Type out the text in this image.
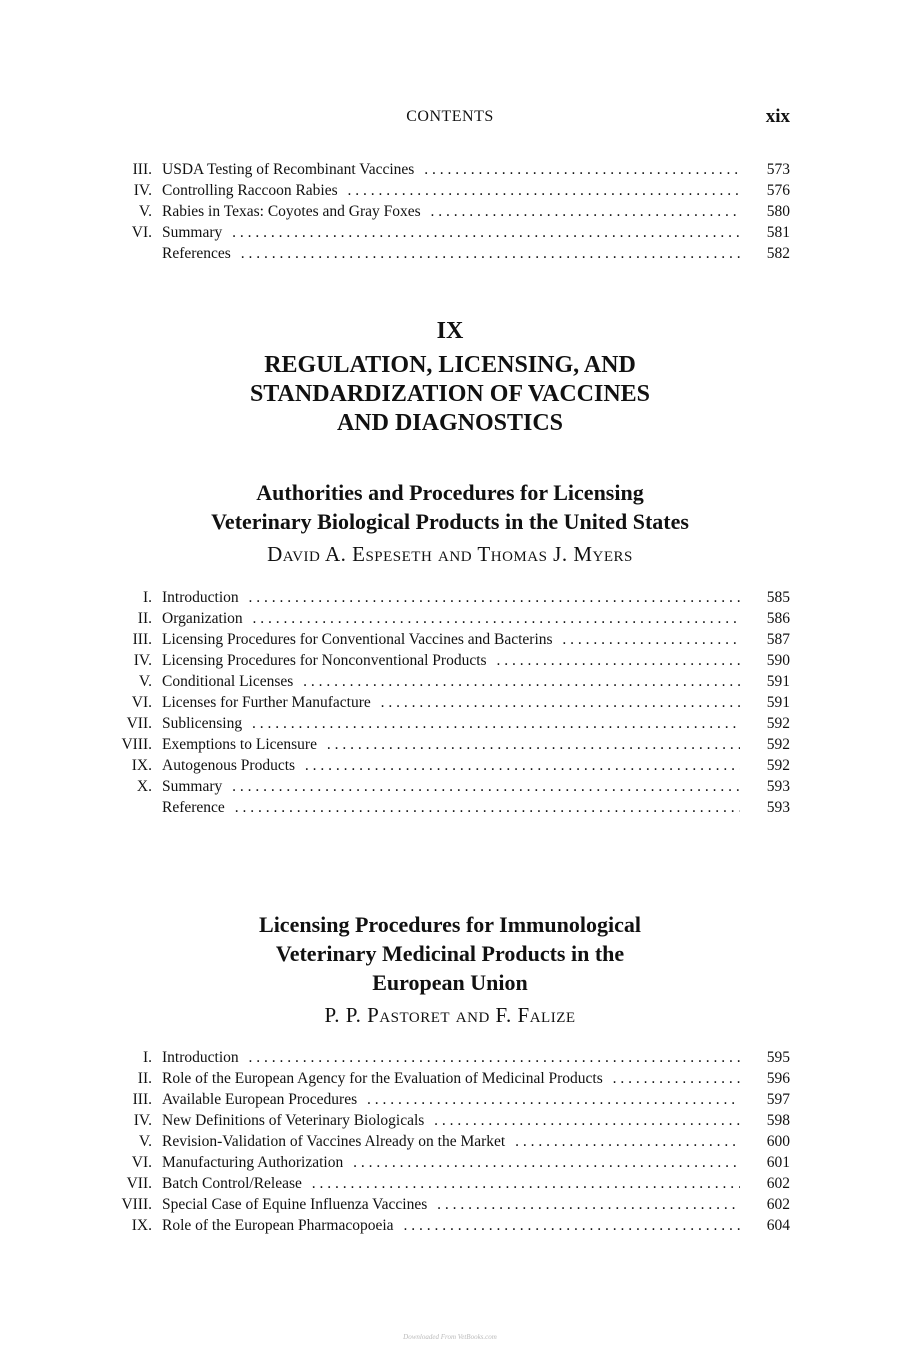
CONTENTS	xix
III. USDA Testing of Recombinant Vaccines . . .	573
IV. Controlling Raccoon Rabies . . .	576
V. Rabies in Texas: Coyotes and Gray Foxes . . .	580
VI. Summary . . .	581
References . . .	582
IX
REGULATION, LICENSING, AND
STANDARDIZATION OF VACCINES
AND DIAGNOSTICS
Authorities and Procedures for Licensing
Veterinary Biological Products in the United States
David A. Espeseth and Thomas J. Myers
I. Introduction . . .	585
II. Organization . . .	586
III. Licensing Procedures for Conventional Vaccines and Bacterins . . .	587
IV. Licensing Procedures for Nonconventional Products . . .	590
V. Conditional Licenses . . .	591
VI. Licenses for Further Manufacture . . .	591
VII. Sublicensing . . .	592
VIII. Exemptions to Licensure . . .	592
IX. Autogenous Products . . .	592
X. Summary . . .	593
Reference . . .	593
Licensing Procedures for Immunological
Veterinary Medicinal Products in the
European Union
P. P. Pastoret and F. Falize
I. Introduction . . .	595
II. Role of the European Agency for the Evaluation of Medicinal Products . . .	596
III. Available European Procedures . . .	597
IV. New Definitions of Veterinary Biologicals . . .	598
V. Revision-Validation of Vaccines Already on the Market . . .	600
VI. Manufacturing Authorization . . .	601
VII. Batch Control/Release . . .	602
VIII. Special Case of Equine Influenza Vaccines . . .	602
IX. Role of the European Pharmacopoeia . . .	604
Downloaded From VetBooks.com
